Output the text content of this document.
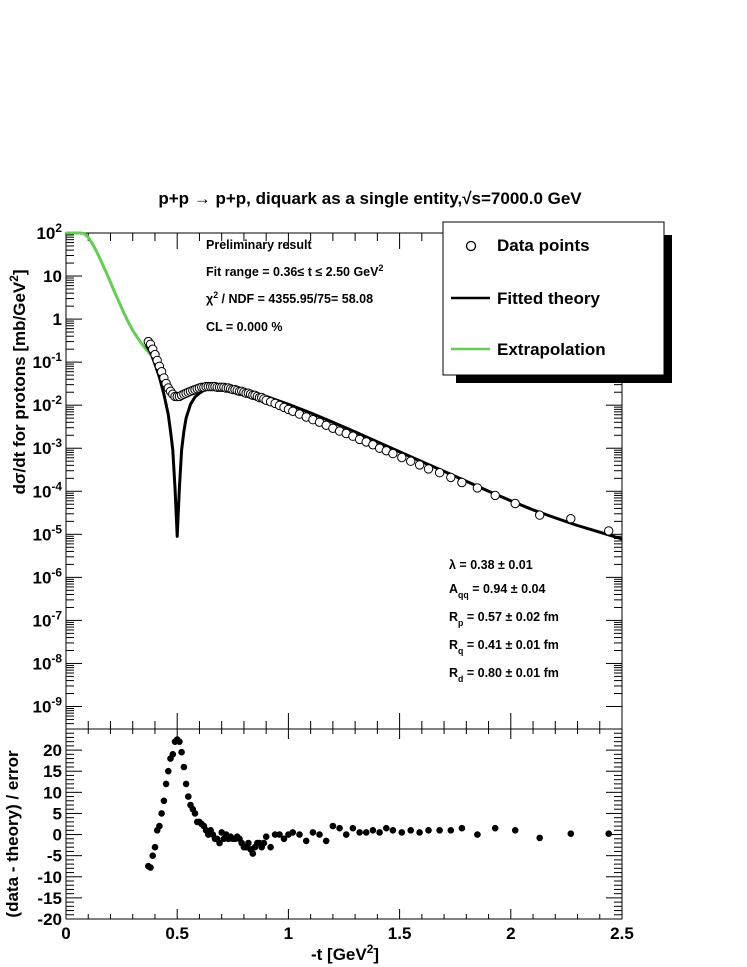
p+p → p+p, diquark as a single entity,√s=7000.0 GeV
$10^2$
10
1
$10^{-1}$
$10^{-2}$
$10^{-3}$
$10^{-4}$
$10^{-5}$
$10^{-6}$
$10^{-7}$
$10^{-8}$
$10^{-9}$
dσ/dt for protons [mb/GeV$^2$]
Preliminary result
Fit range = 0.36≤ t ≤ 2.50 GeV$^2$
$\chi^2$ / NDF = 4355.95/75= 58.08
CL = 0.000 %
λ = 0.38 ± 0.01
$A_{qq} = 0.94 \pm 0.04$
$R_p = 0.57 \pm 0.02$ fm
$R_q = 0.41 \pm 0.01$ fm
$R_d = 0.80 \pm 0.01$ fm
Data points
Fitted theory
Extrapolation
0	0.5	1	1.5	2	2.5
-20
-15
-10
-5
0
5
10
15
20
(data - theory) / error
-t [GeV$^2$]
